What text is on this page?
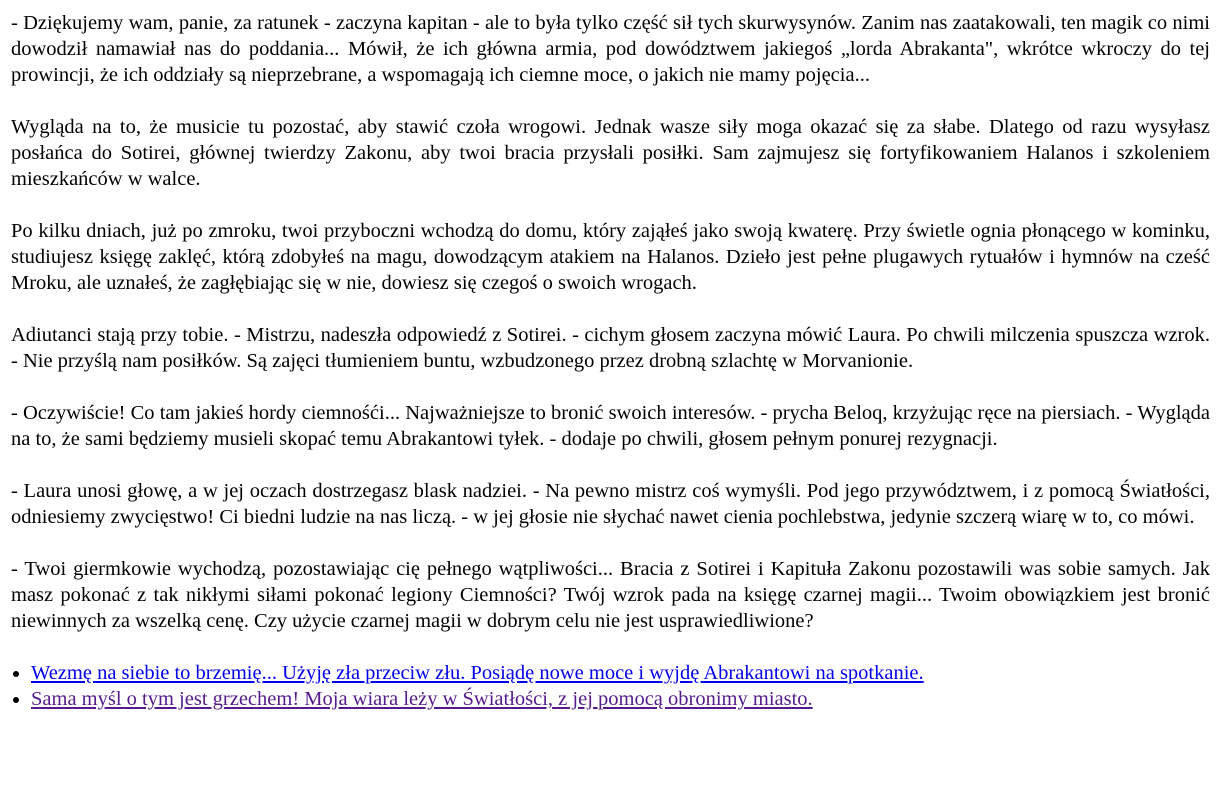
- Dziękujemy wam, panie, za ratunek - zaczyna kapitan - ale to była tylko część sił tych skurwysynów. Zanim nas zaatakowali, ten magik co nimi dowodził namawiał nas do poddania... Mówił, że ich główna armia, pod dowództwem jakiegoś „lorda Abrakanta", wkrótce wkroczy do tej prowincji, że ich oddziały są nieprzebrane, a wspomagają ich ciemne moce, o jakich nie mamy pojęcia...

Wygląda na to, że musicie tu pozostać, aby stawić czoła wrogowi. Jednak wasze siły moga okazać się za słabe. Dlatego od razu wysyłasz posłańca do Sotirei, głównej twierdzy Zakonu, aby twoi bracia przysłali posiłki. Sam zajmujesz się fortyfikowaniem Halanos i szkoleniem mieszkańców w walce.

Po kilku dniach, już po zmroku, twoi przyboczni wchodzą do domu, który zająłeś jako swoją kwaterę. Przy świetle ognia płonącego w kominku, studiujesz księgę zaklęć, którą zdobyłeś na magu, dowodzącym atakiem na Halanos. Dzieło jest pełne plugawych rytuałów i hymnów na cześć Mroku, ale uznałeś, że zagłębiając się w nie, dowiesz się czegoś o swoich wrogach.

Adiutanci stają przy tobie. - Mistrzu, nadeszła odpowiedź z Sotirei. - cichym głosem zaczyna mówić Laura. Po chwili milczenia spuszcza wzrok. - Nie przyślą nam posiłków. Są zajęci tłumieniem buntu, wzbudzonego przez drobną szlachtę w Morvanionie.

- Oczywiście! Co tam jakieś hordy ciemnośći... Najważniejsze to bronić swoich interesów. - prycha Beloq, krzyżując ręce na piersiach. - Wygląda na to, że sami będziemy musieli skopać temu Abrakantowi tyłek. - dodaje po chwili, głosem pełnym ponurej rezygnacji.

- Laura unosi głowę, a w jej oczach dostrzegasz blask nadziei. - Na pewno mistrz coś wymyśli. Pod jego przywództwem, i z pomocą Światłości, odniesiemy zwycięstwo! Ci biedni ludzie na nas liczą. - w jej głosie nie słychać nawet cienia pochlebstwa, jedynie szczerą wiarę w to, co mówi.

- Twoi giermkowie wychodzą, pozostawiając cię pełnego wątpliwości... Bracia z Sotirei i Kapituła Zakonu pozostawili was sobie samych. Jak masz pokonać z tak nikłymi siłami pokonać legiony Ciemności? Twój wzrok pada na księgę czarnej magii... Twoim obowiązkiem jest bronić niewinnych za wszelką cenę. Czy użycie czarnej magii w dobrym celu nie jest usprawiedliwione?

• Wezmę na siebie to brzemię... Użyję zła przeciw złu. Posiądę nowe moce i wyjdę Abrakantowi na spotkanie.
• Sama myśl o tym jest grzechem! Moja wiara leży w Światłości, z jej pomocą obronimy miasto.
